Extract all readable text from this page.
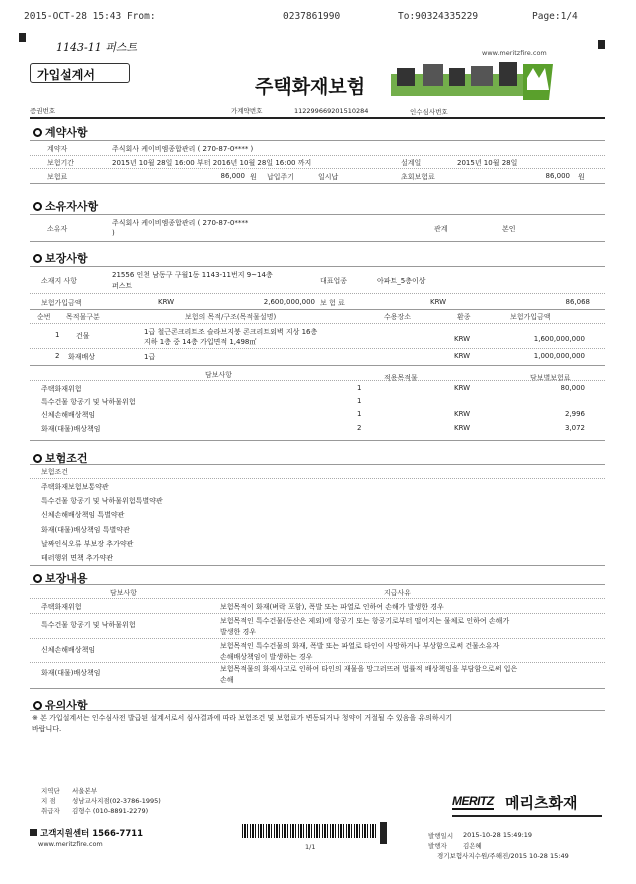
2015-OCT-28 15:43 From:	0237861990	To:90324335229	Page:1/4
1143-11 퍼스트
가입설계서
주택화재보험
www.meritzfire.com
증권번호	가계약번호	112299669201510284	인수심사번호
계약사항
계약자	주식회사 케이비엠종합관리 ( 270-87-0**** )
보험기간	2015년 10월 28일 16:00 부터 2016년 10월 28일 16:00 까지	설계일	2015년 10월 28일
보험료	86,000 원 납입주기	일시납	초회보험료	86,000 원
소유자사항
소유자
주식회사 케이비엠종합관리 ( 270-87-0****
)	관계	본인
보장사항
소재지 사항
21556 인천 남동구 구월1동 1143-11번지 9~14층
퍼스트
대표업종	아파트_5층이상
보험가입금액	KRW	2,600,000,000 보 험 료	KRW	86,068
순번 목적물구분	보험의 목적/구조(목적물설명)	수용장소	환종	보험가입금액
1 건물	1급 철근콘크리트조 슬라브지붕 콘크리트외벽 지상 16층
지하 1층 중 14층 가입면적 1,498㎡	KRW	1,600,000,000
2 화재배상	1급	KRW	1,000,000,000
담보사항	적용목적물	담보별보험료
주택화재위험	1	KRW	80,000
특수건물 항공기 및 낙하물위험	1
신체손해배상책임	1	KRW	2,996
화재(대물)배상책임	2	KRW	3,072
보험조건
보험조건
주택화재보험보통약관
특수건물 항공기 및 낙하물위험특별약관
신체손해배상책임 특별약관
화재(대물)배상책임 특별약관
날짜인식오류 부보장 추가약관
테러행위 면책 추가약관
보장내용
담보사항	지급사유
주택화재위험	보험목적이 화재(벼락 포함), 폭발 또는 파열로 인하여 손해가 발생한 경우
특수건물 항공기 및 낙하물위험	보험목적인 특수건물(동산은 제외)에 항공기 또는 항공기로부터 떨어지는 물체로 인하여 손해가
발생한 경우
신체손해배상책임	보험목적인 특수건물의 화재, 폭발 또는 파열로 타인이 사망하거나 부상함으로써 건물소유자
손해배상책임이 발생하는 경우
화재(대물)배상책임	보험목적물의 화재사고로 인하여 타인의 재물을 망그러뜨려 법률적 배상책임을 부담함으로써 입은
손해
유의사항
※ 본 가입설계서는 인수심사전 발급된 설계서로서 심사결과에 따라 보험조건 및 보험료가 변동되거나 청약이 거절될 수 있음을 유의하시기
바랍니다.
지역단 서울본부
지 점	성남교사지점(02-3786-1995)
취급자 김형수 (010-8891-2279)
MERITZ 메리츠화재
고객지원센터 1566-7711
www.meritzfire.com	1/1
발행일시 2015-10-28 15:49:19
발행자 김은혜
경기보험사지수원/주해진/2015 10-28 15:49
